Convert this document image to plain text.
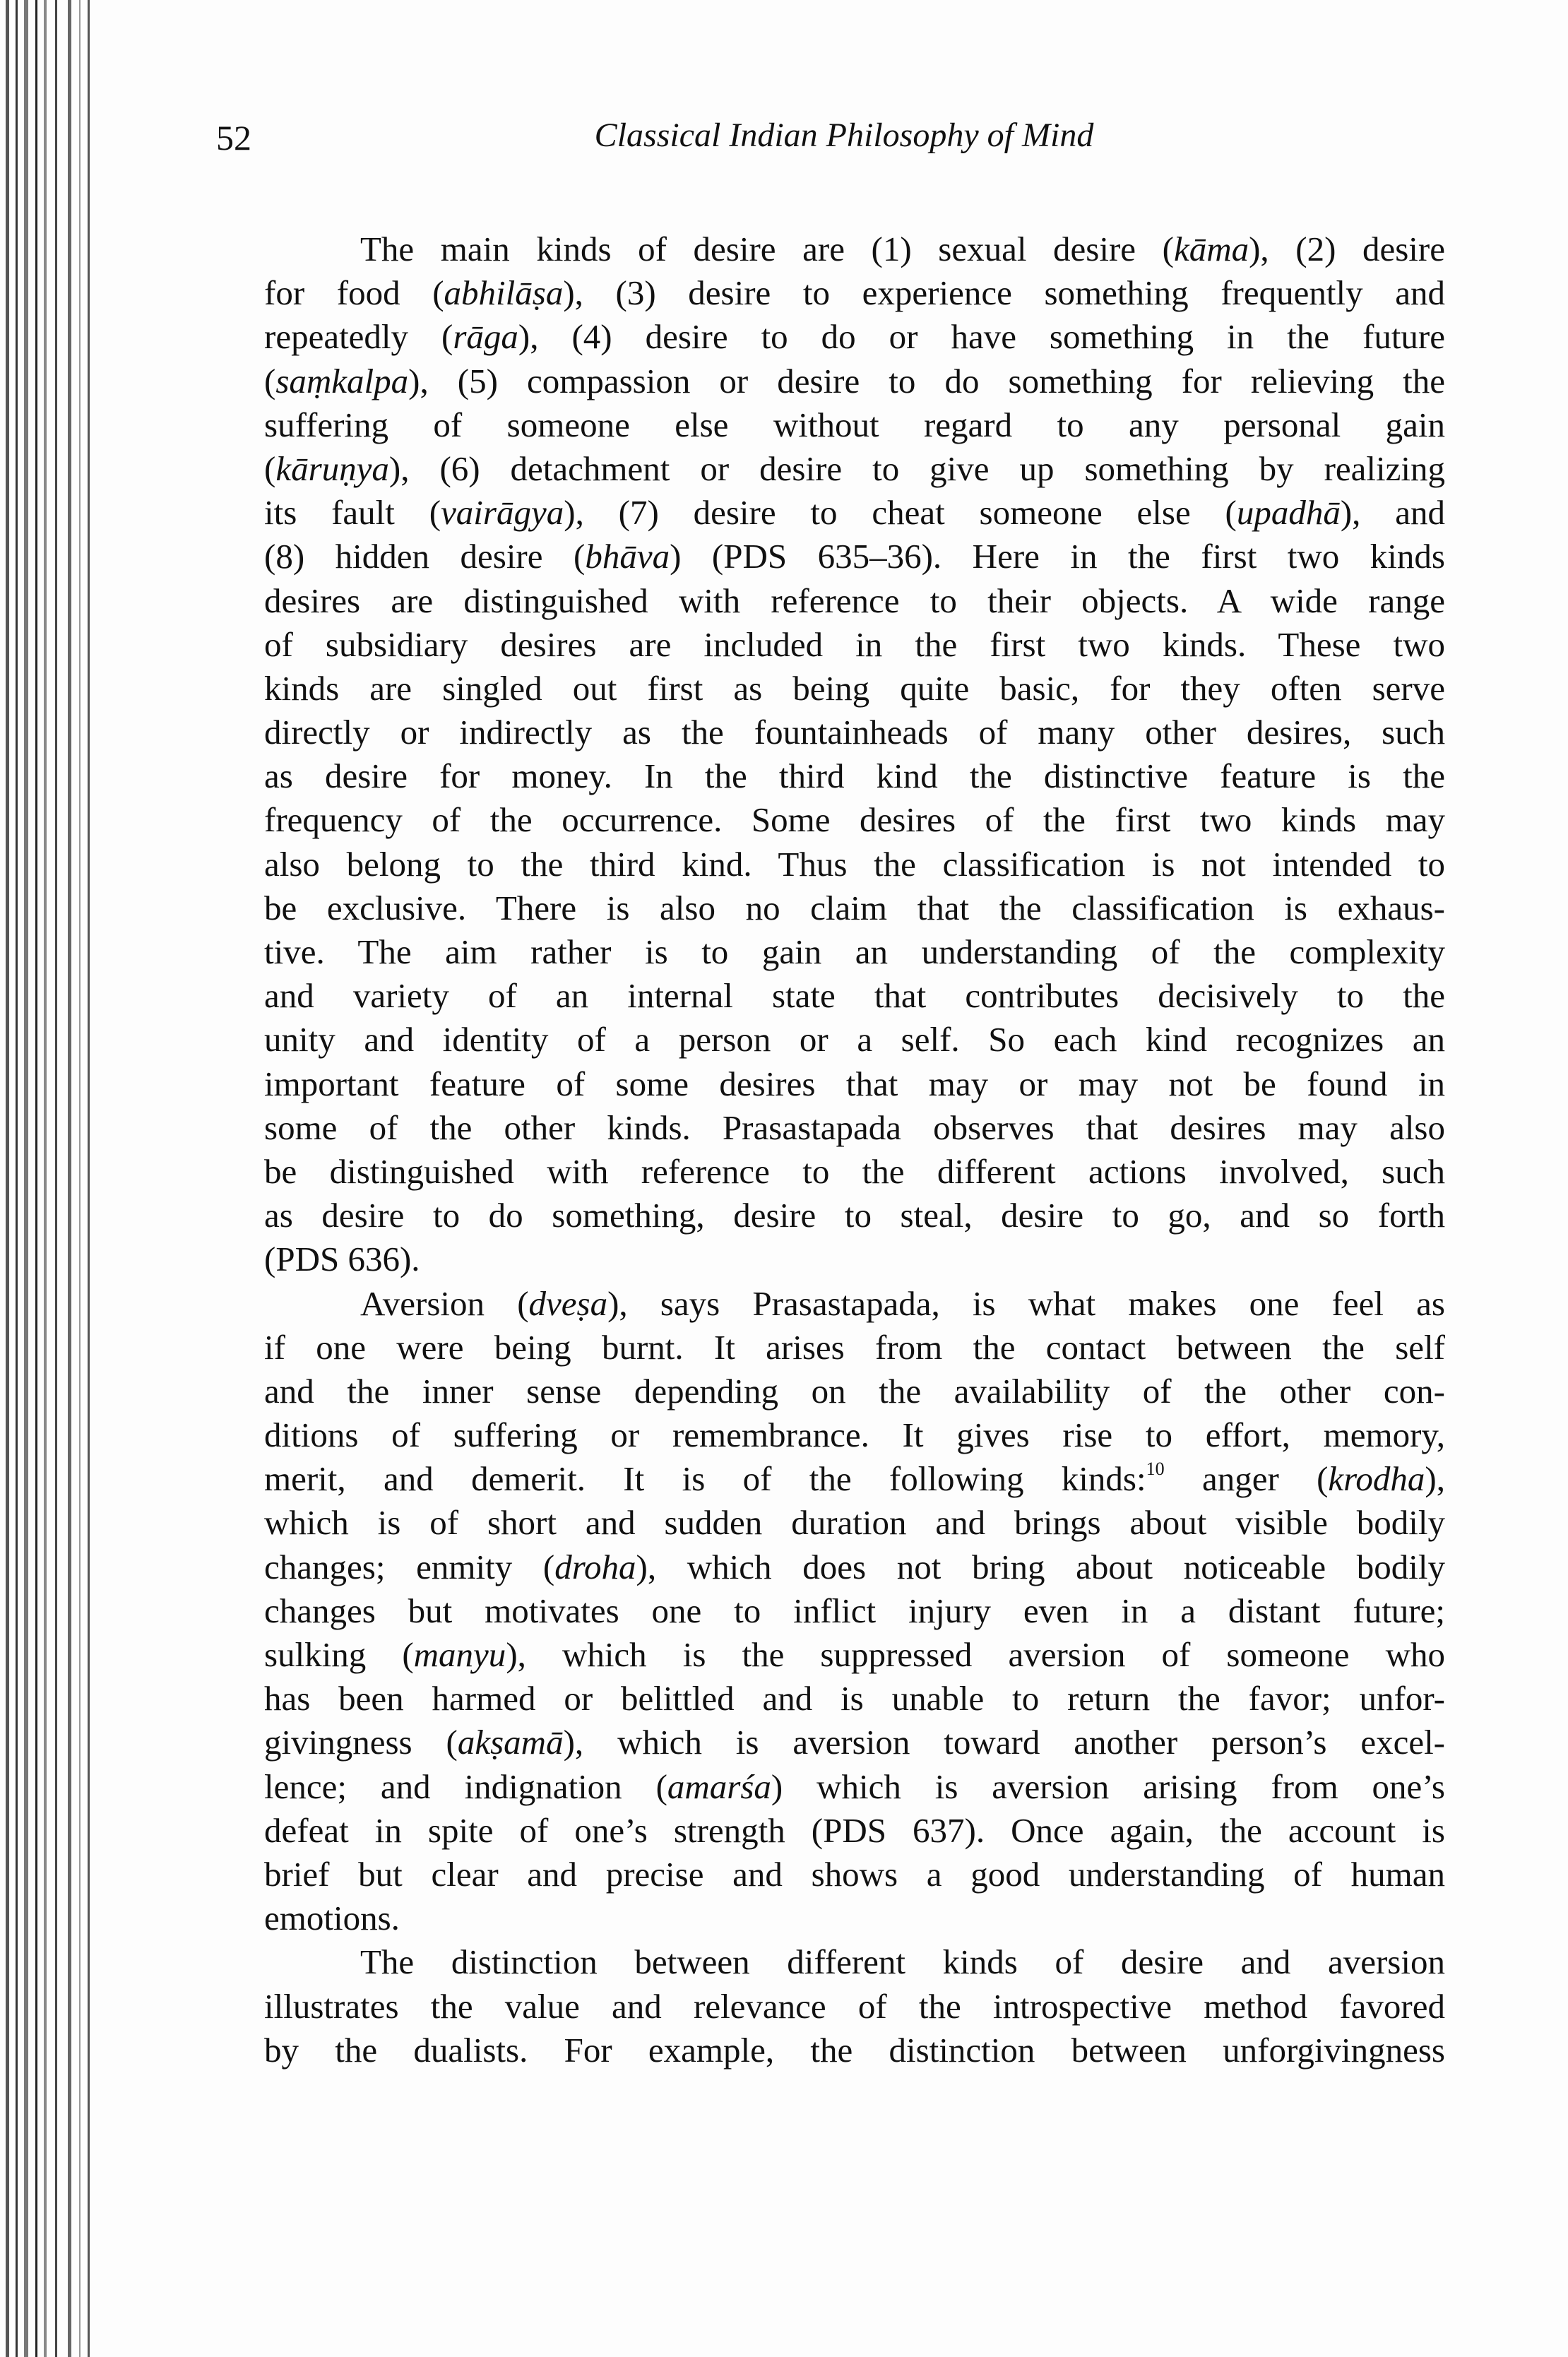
52	Classical Indian Philosophy of Mind
The main kinds of desire are (1) sexual desire (kāma), (2) desire
for food (abhilāṣa), (3) desire to experience something frequently and
repeatedly (rāga), (4) desire to do or have something in the future
(saṃkalpa), (5) compassion or desire to do something for relieving the
suffering of someone else without regard to any personal gain
(kāruṇya), (6) detachment or desire to give up something by realizing
its fault (vairāgya), (7) desire to cheat someone else (upadhā), and
(8) hidden desire (bhāva) (PDS 635–36). Here in the first two kinds
desires are distinguished with reference to their objects. A wide range
of subsidiary desires are included in the first two kinds. These two
kinds are singled out first as being quite basic, for they often serve
directly or indirectly as the fountainheads of many other desires, such
as desire for money. In the third kind the distinctive feature is the
frequency of the occurrence. Some desires of the first two kinds may
also belong to the third kind. Thus the classification is not intended to
be exclusive. There is also no claim that the classification is exhaus-
tive. The aim rather is to gain an understanding of the complexity
and variety of an internal state that contributes decisively to the
unity and identity of a person or a self. So each kind recognizes an
important feature of some desires that may or may not be found in
some of the other kinds. Prasastapada observes that desires may also
be distinguished with reference to the different actions involved, such
as desire to do something, desire to steal, desire to go, and so forth
(PDS 636).
Aversion (dveṣa), says Prasastapada, is what makes one feel as
if one were being burnt. It arises from the contact between the self
and the inner sense depending on the availability of the other con-
ditions of suffering or remembrance. It gives rise to effort, memory,
merit, and demerit. It is of the following kinds:$^{10}$ anger (krodha),
which is of short and sudden duration and brings about visible bodily
changes; enmity (droha), which does not bring about noticeable bodily
changes but motivates one to inflict injury even in a distant future;
sulking (manyu), which is the suppressed aversion of someone who
has been harmed or belittled and is unable to return the favor; unfor-
givingness (akṣamā), which is aversion toward another person’s excel-
lence; and indignation (amarśa) which is aversion arising from one’s
defeat in spite of one’s strength (PDS 637). Once again, the account is
brief but clear and precise and shows a good understanding of human
emotions.
The distinction between different kinds of desire and aversion
illustrates the value and relevance of the introspective method favored
by the dualists. For example, the distinction between unforgivingness
